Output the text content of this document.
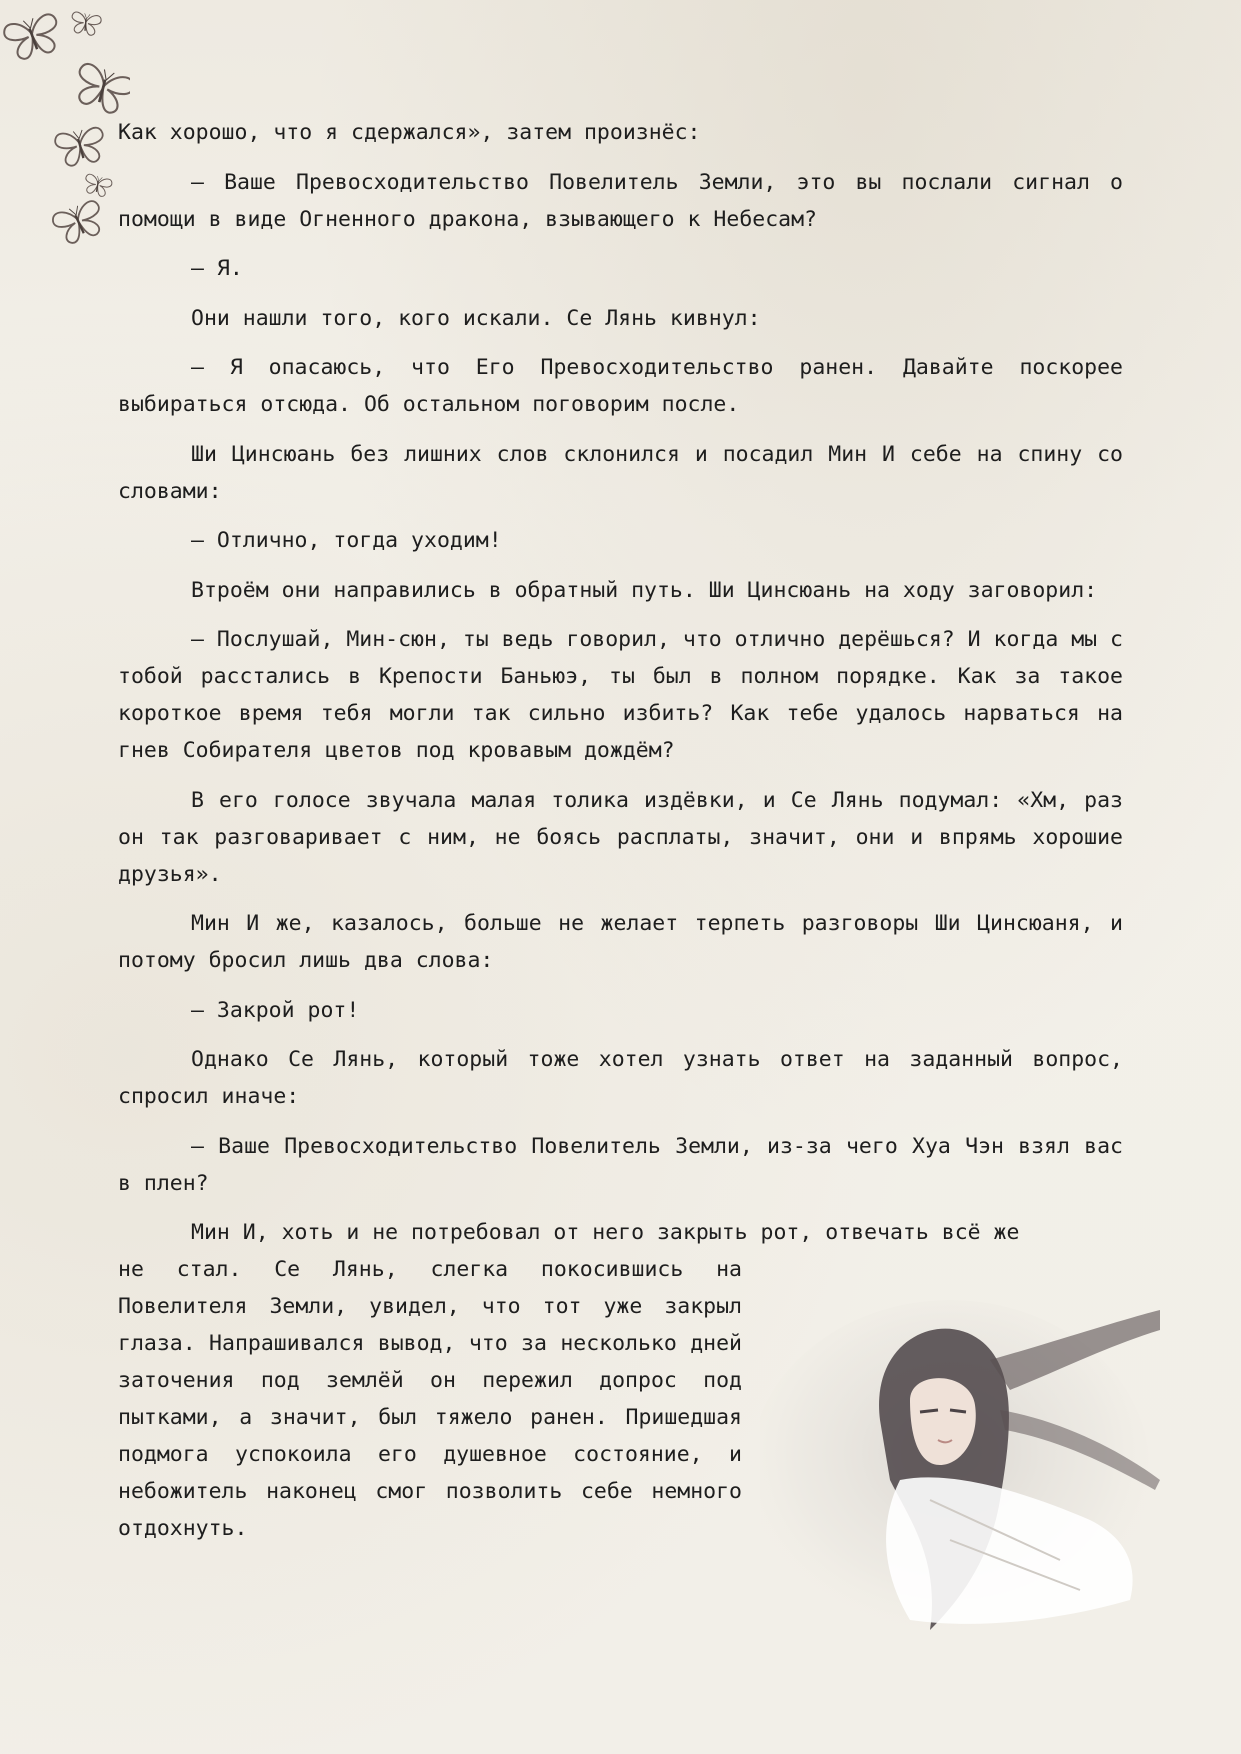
Как хорошо, что я сдержался», затем произнёс:

— Ваше Превосходительство Повелитель Земли, это вы послали сигнал о помощи в виде Огненного дракона, взывающего к Небесам?

— Я.

Они нашли того, кого искали. Се Лянь кивнул:

— Я опасаюсь, что Его Превосходительство ранен. Давайте поскорее выбираться отсюда. Об остальном поговорим после.

Ши Цинсюань без лишних слов склонился и посадил Мин И себе на спину со словами:

— Отлично, тогда уходим!

Втроём они направились в обратный путь. Ши Цинсюань на ходу заговорил:

— Послушай, Мин-сюн, ты ведь говорил, что отлично дерёшься? И когда мы с тобой расстались в Крепости Баньюэ, ты был в полном порядке. Как за такое короткое время тебя могли так сильно избить? Как тебе удалось нарваться на гнев Собирателя цветов под кровавым дождём?

В его голосе звучала малая толика издёвки, и Се Лянь подумал: «Хм, раз он так разговаривает с ним, не боясь расплаты, значит, они и впрямь хорошие друзья».

Мин И же, казалось, больше не желает терпеть разговоры Ши Цинсюаня, и потому бросил лишь два слова:

— Закрой рот!

Однако Се Лянь, который тоже хотел узнать ответ на заданный вопрос, спросил иначе:

— Ваше Превосходительство Повелитель Земли, из-за чего Хуа Чэн взял вас в плен?

Мин И, хоть и не потребовал от него закрыть рот, отвечать всё же

не стал. Се Лянь, слегка покосившись на Повелителя Земли, увидел, что тот уже закрыл глаза. Напрашивался вывод, что за несколько дней заточения под землёй он пережил допрос под пытками, а значит, был тяжело ранен. Пришедшая подмога успокоила его душевное состояние, и небожитель наконец смог позволить себе немного отдохнуть.
